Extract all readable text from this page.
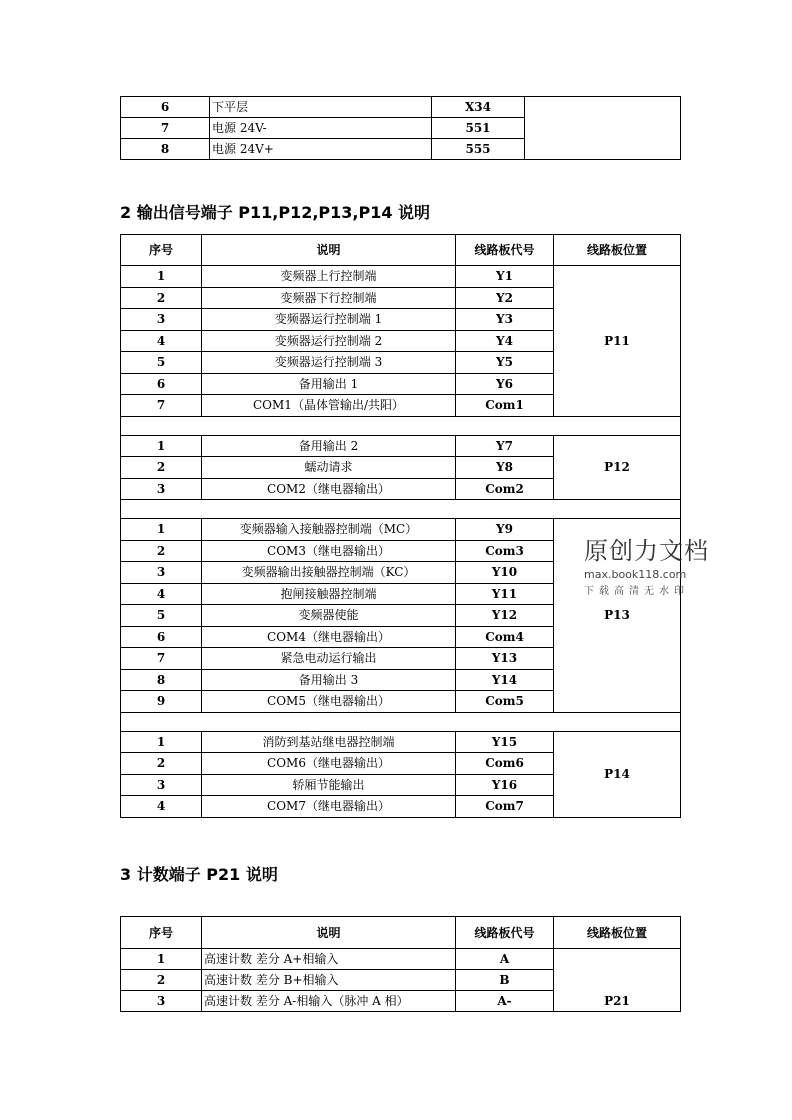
6	下平层	X34	
7	电源 24V-	551	
8	电源 24V+	555	
2 输出信号端子 P11,P12,P13,P14 说明
序号	说明	线路板代号	线路板位置
1	变频器上行控制端	Y1	P11
2	变频器下行控制端	Y2	
3	变频器运行控制端 1	Y3	
4	变频器运行控制端 2	Y4	
5	变频器运行控制端 3	Y5	
6	备用输出 1	Y6	
7	COM1（晶体管输出/共阳）	Com1	

1	备用输出 2	Y7	P12
2	蠕动请求	Y8	
3	COM2（继电器输出）	Com2	

1	变频器输入接触器控制端（MC）	Y9	P13
2	COM3（继电器输出）	Com3	
3	变频器输出接触器控制端（KC）	Y10	
4	抱闸接触器控制端	Y11	
5	变频器使能	Y12	
6	COM4（继电器输出）	Com4	
7	紧急电动运行输出	Y13	
8	备用输出 3	Y14	
9	COM5（继电器输出）	Com5	

1	消防到基站继电器控制端	Y15	P14
2	COM6（继电器输出）	Com6	
3	轿厢节能输出	Y16	
4	COM7（继电器输出）	Com7	
原创力文档
max.book118.com
下载高清无水印
3 计数端子 P21 说明
序号	说明	线路板代号	线路板位置
1	高速计数 差分 A+相输入	A	P21
2	高速计数 差分 B+相输入	B	
3	高速计数 差分 A-相输入（脉冲 A 相）	A-	
